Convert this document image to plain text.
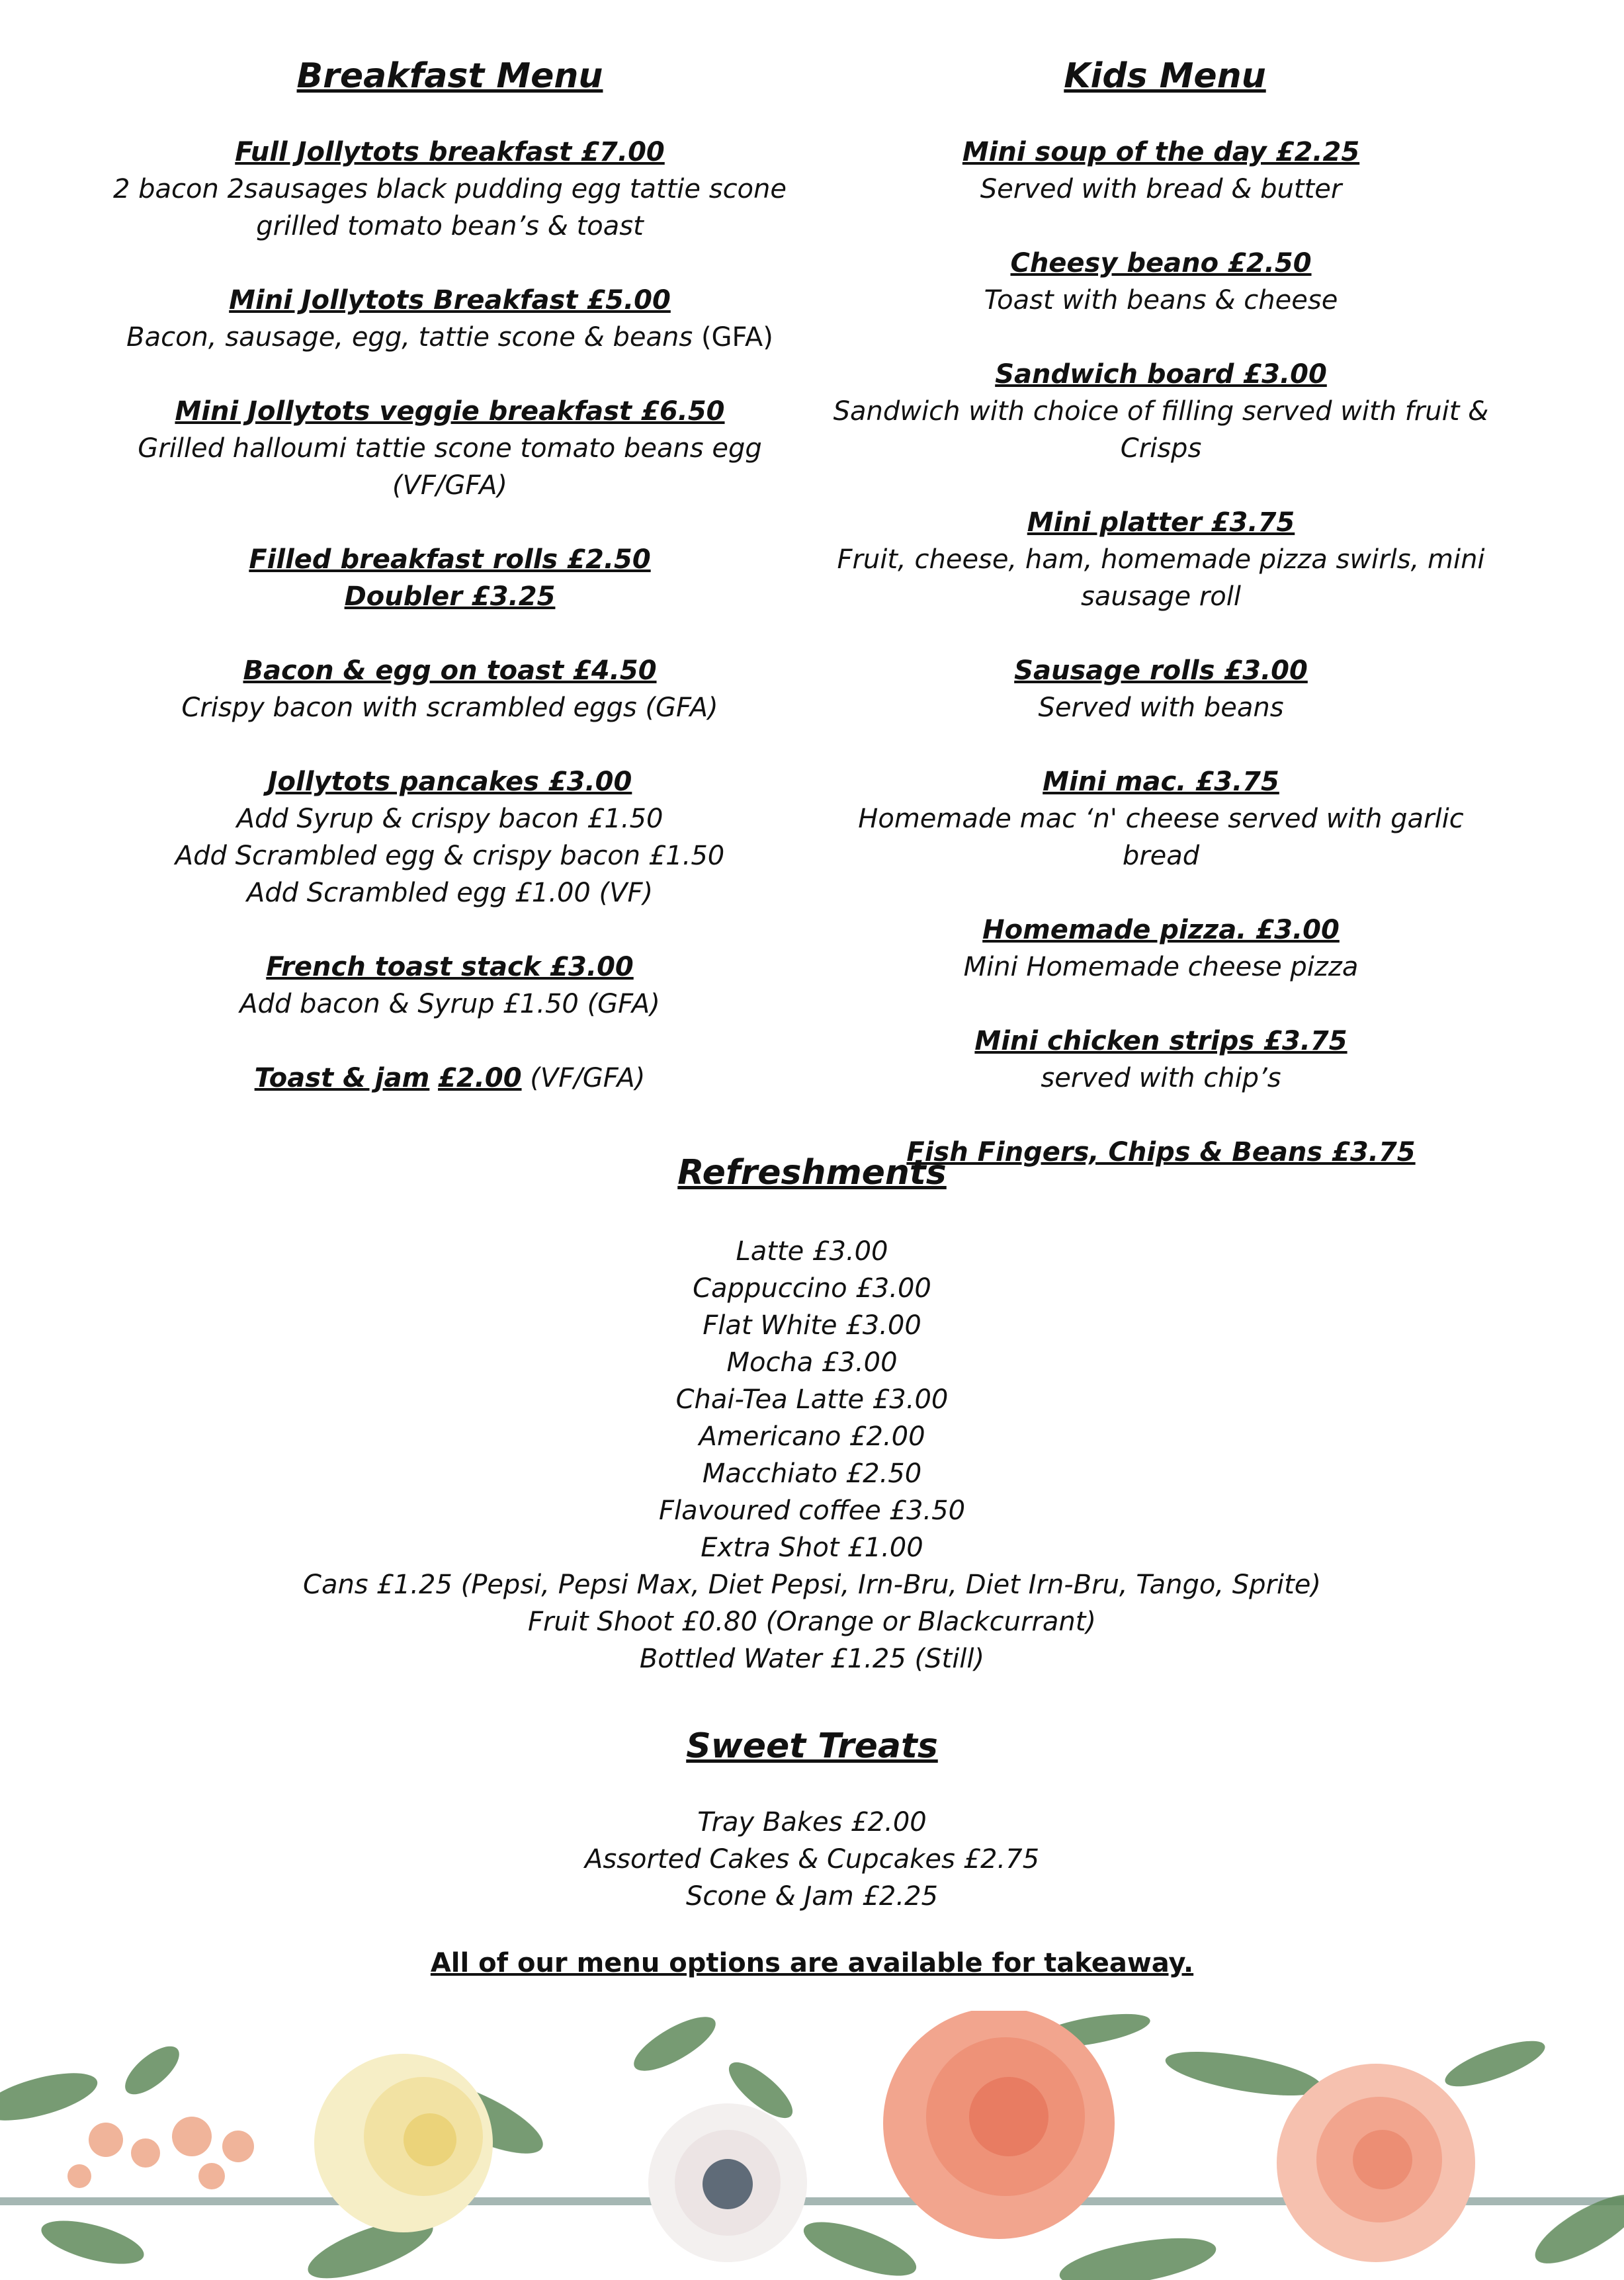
Breakfast Menu
Full Jollytots breakfast £7.00
2 bacon 2sausages black pudding egg tattie scone
grilled tomato bean’s & toast
Mini Jollytots Breakfast £5.00
Bacon, sausage, egg, tattie scone & beans (GFA)
Mini Jollytots veggie breakfast £6.50
Grilled halloumi tattie scone tomato beans egg
(VF/GFA)
Filled breakfast rolls £2.50
Doubler £3.25
Bacon & egg on toast £4.50
Crispy bacon with scrambled eggs (GFA)
Jollytots pancakes £3.00
Add Syrup & crispy bacon £1.50
Add Scrambled egg & crispy bacon £1.50
Add Scrambled egg £1.00 (VF)
French toast stack £3.00
Add bacon & Syrup £1.50 (GFA)
Toast & jam £2.00 (VF/GFA)
Kids Menu
Mini soup of the day £2.25
Served with bread & butter
Cheesy beano £2.50
Toast with beans & cheese
Sandwich board £3.00
Sandwich with choice of filling served with fruit &
Crisps
Mini platter £3.75
Fruit, cheese, ham, homemade pizza swirls, mini
sausage roll
Sausage rolls £3.00
Served with beans
Mini mac. £3.75
Homemade mac ‘n' cheese served with garlic bread
Homemade pizza. £3.00
Mini Homemade cheese pizza
Mini chicken strips £3.75
served with chip’s
Fish Fingers, Chips & Beans £3.75
Refreshments
Latte £3.00
Cappuccino £3.00
Flat White £3.00
Mocha £3.00
Chai-Tea Latte £3.00
Americano £2.00
Macchiato £2.50
Flavoured coffee £3.50
Extra Shot £1.00
Cans £1.25 (Pepsi, Pepsi Max, Diet Pepsi, Irn-Bru, Diet Irn-Bru, Tango, Sprite)
Fruit Shoot £0.80 (Orange or Blackcurrant)
Bottled Water £1.25 (Still)
Sweet Treats
Tray Bakes £2.00
Assorted Cakes & Cupcakes £2.75
Scone & Jam £2.25
All of our menu options are available for takeaway.
